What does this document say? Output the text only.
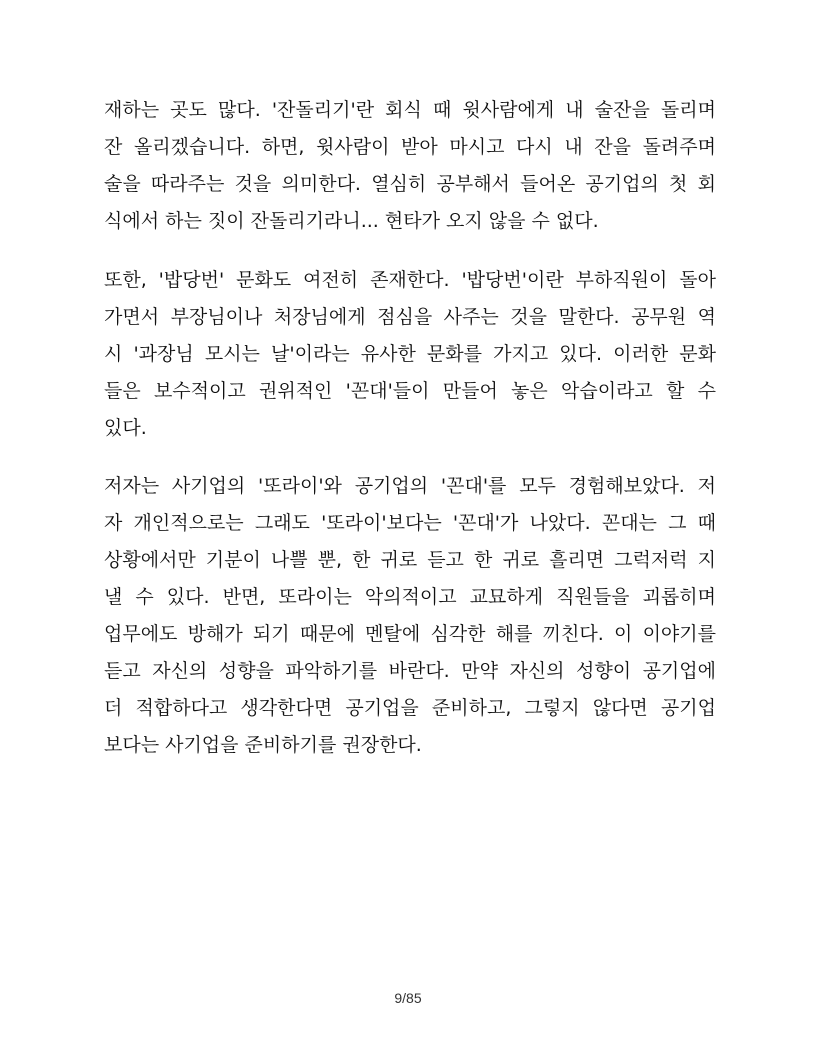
재하는 곳도 많다. '잔돌리기'란 회식 때 윗사람에게 내 술잔을 돌리며
잔 올리겠습니다. 하면, 윗사람이 받아 마시고 다시 내 잔을 돌려주며
술을 따라주는 것을 의미한다. 열심히 공부해서 들어온 공기업의 첫 회
식에서 하는 짓이 잔돌리기라니... 현타가 오지 않을 수 없다.
또한, '밥당번' 문화도 여전히 존재한다. '밥당번'이란 부하직원이 돌아
가면서 부장님이나 처장님에게 점심을 사주는 것을 말한다. 공무원 역
시 '과장님 모시는 날'이라는 유사한 문화를 가지고 있다. 이러한 문화
들은 보수적이고 권위적인 '꼰대'들이 만들어 놓은 악습이라고 할 수
있다.
저자는 사기업의 '또라이'와 공기업의 '꼰대'를 모두 경험해보았다. 저
자 개인적으로는 그래도 '또라이'보다는 '꼰대'가 나았다. 꼰대는 그 때
상황에서만 기분이 나쁠 뿐, 한 귀로 듣고 한 귀로 흘리면 그럭저럭 지
낼 수 있다. 반면, 또라이는 악의적이고 교묘하게 직원들을 괴롭히며
업무에도 방해가 되기 때문에 멘탈에 심각한 해를 끼친다. 이 이야기를
듣고 자신의 성향을 파악하기를 바란다. 만약 자신의 성향이 공기업에
더 적합하다고 생각한다면 공기업을 준비하고, 그렇지 않다면 공기업
보다는 사기업을 준비하기를 권장한다.
9/85
